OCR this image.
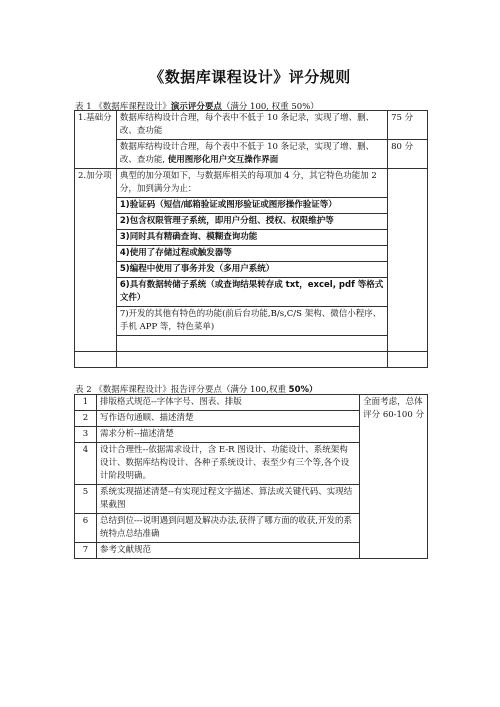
《数据库课程设计》评分规则
表 1 《数据库课程设计》演示评分要点（满分 100, 权重 50%）
1.基础分	数据库结构设计合理，每个表中不低于 10 条记录，实现了增、删、改、查功能	75 分
	数据库结构设计合理，每个表中不低于 10 条记录，实现了增、删、改、查功能, 使用图形化用户交互操作界面	80 分
2.加分项	典型的加分项如下，与数据库相关的每项加 4 分，其它特色功能加 2 分，加到满分为止：	
	1)验证码（短信/邮箱验证或图形验证或图形操作验证等）	
	2)包含权限管理子系统，即用户分组、授权、权限维护等	
	3)同时具有精确查询、模糊查询功能	
	4)使用了存储过程或触发器等	
	5)编程中使用了事务并发（多用户系统）	
	6)具有数据转储子系统（或查询结果转存成 txt，excel, pdf 等格式文件）	
	7)开发的其他有特色的功能(前后台功能,B/s,C/S 架构、微信小程序、手机 APP 等，特色菜单)	

表 2 《数据库课程设计》报告评分要点（满分 100,权重 50%）
1	排版格式规范--字体字号、图表、排版	全面考虑，总体评分 60-100 分
2	写作语句通顺、描述清楚	
3	需求分析--描述清楚	
4	设计合理性--依据需求设计，含 E-R 图设计、功能设计、系统架构设计、数据库结构设计、各种子系统设计、表至少有三个等,各个设计阶段明确。	
5	系统实现描述清楚--有实现过程文字描述、算法或关键代码、实现结果截图	
6	总结到位---说明遇到问题及解决办法,获得了哪方面的收获,开发的系统特点总结准确	
7	参考文献规范	
